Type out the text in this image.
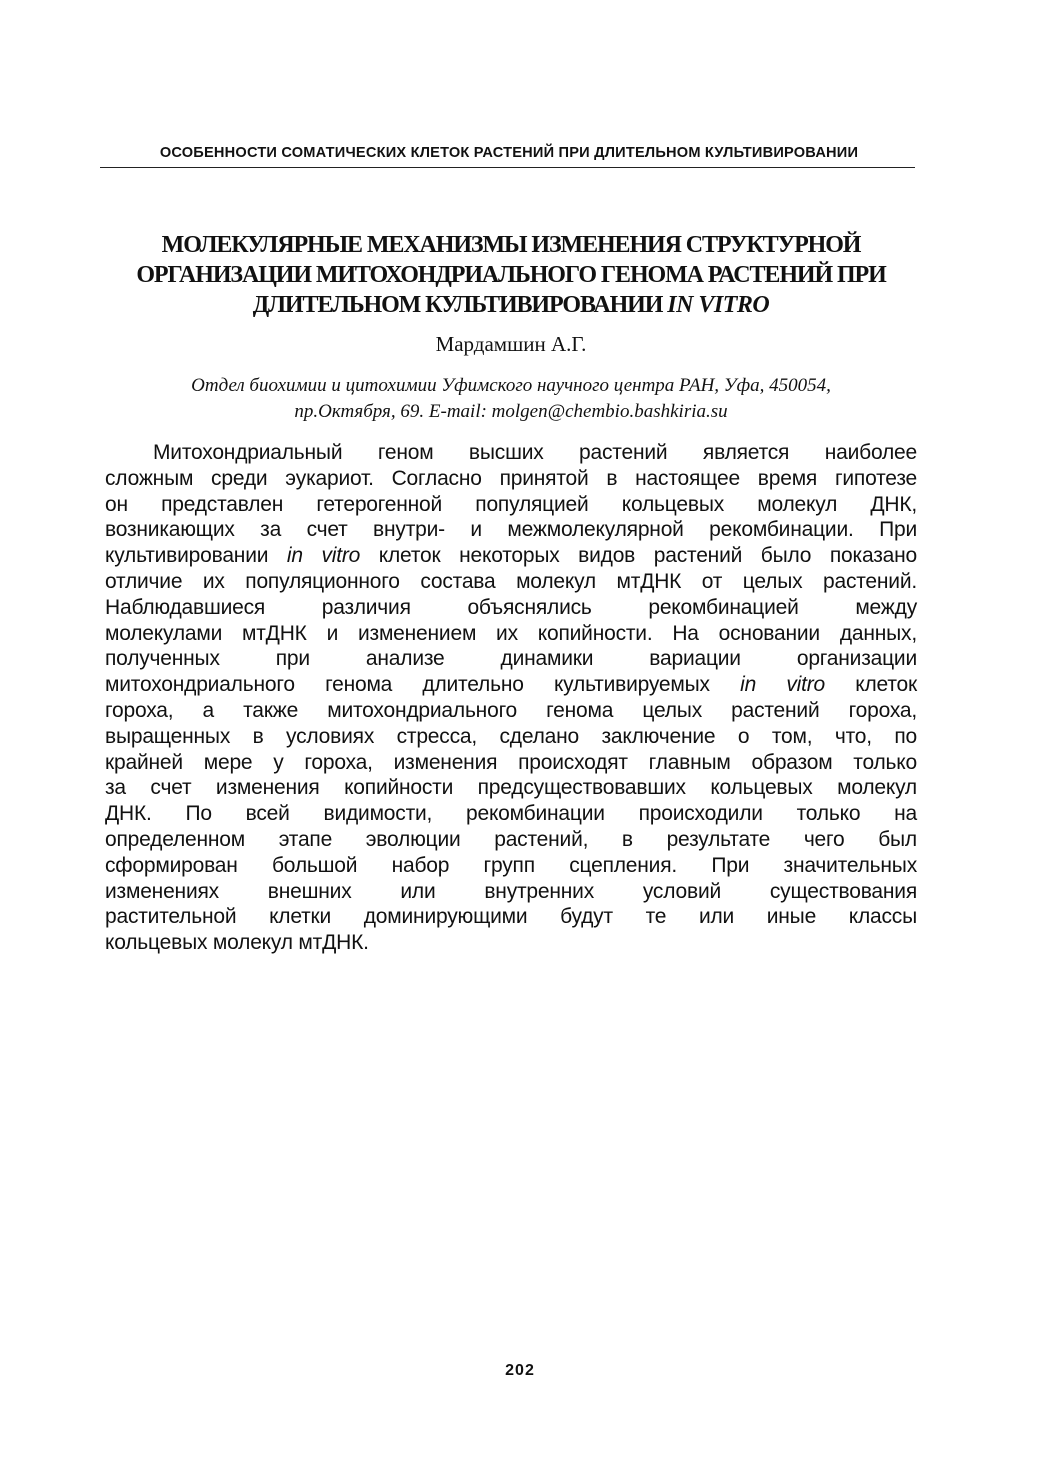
ОСОБЕННОСТИ СОМАТИЧЕСКИХ КЛЕТОК РАСТЕНИЙ ПРИ ДЛИТЕЛЬНОМ КУЛЬТИВИРОВАНИИ
МОЛЕКУЛЯРНЫЕ МЕХАНИЗМЫ ИЗМЕНЕНИЯ СТРУКТУРНОЙ
ОРГАНИЗАЦИИ МИТОХОНДРИАЛЬНОГО ГЕНОМА РАСТЕНИЙ ПРИ
ДЛИТЕЛЬНОМ КУЛЬТИВИРОВАНИИ IN VITRO
Мардамшин А.Г.
Отдел биохимии и цитохимии Уфимского научного центра РАН, Уфа, 450054,
пр.Октября, 69. E-mail: molgen@chembio.bashkiria.su
Митохондриальный геном высших растений является наиболее
сложным среди эукариот. Согласно принятой в настоящее время гипотезе
он представлен гетерогенной популяцией кольцевых молекул ДНК,
возникающих за счет внутри- и межмолекулярной рекомбинации. При
культивировании in vitro клеток некоторых видов растений было показано
отличие их популяционного состава молекул мтДНК от целых растений.
Наблюдавшиеся различия объяснялись рекомбинацией между
молекулами мтДНК и изменением их копийности. На основании данных,
полученных при анализе динамики вариации организации
митохондриального генома длительно культивируемых in vitro клеток
гороха, а также митохондриального генома целых растений гороха,
выращенных в условиях стресса, сделано заключение о том, что, по
крайней мере у гороха, изменения происходят главным образом только
за счет изменения копийности предсуществовавших кольцевых молекул
ДНК. По всей видимости, рекомбинации происходили только на
определенном этапе эволюции растений, в результате чего был
сформирован большой набор групп сцепления. При значительных
изменениях внешних или внутренних условий существования
растительной клетки доминирующими будут те или иные классы
кольцевых молекул мтДНК.
202
